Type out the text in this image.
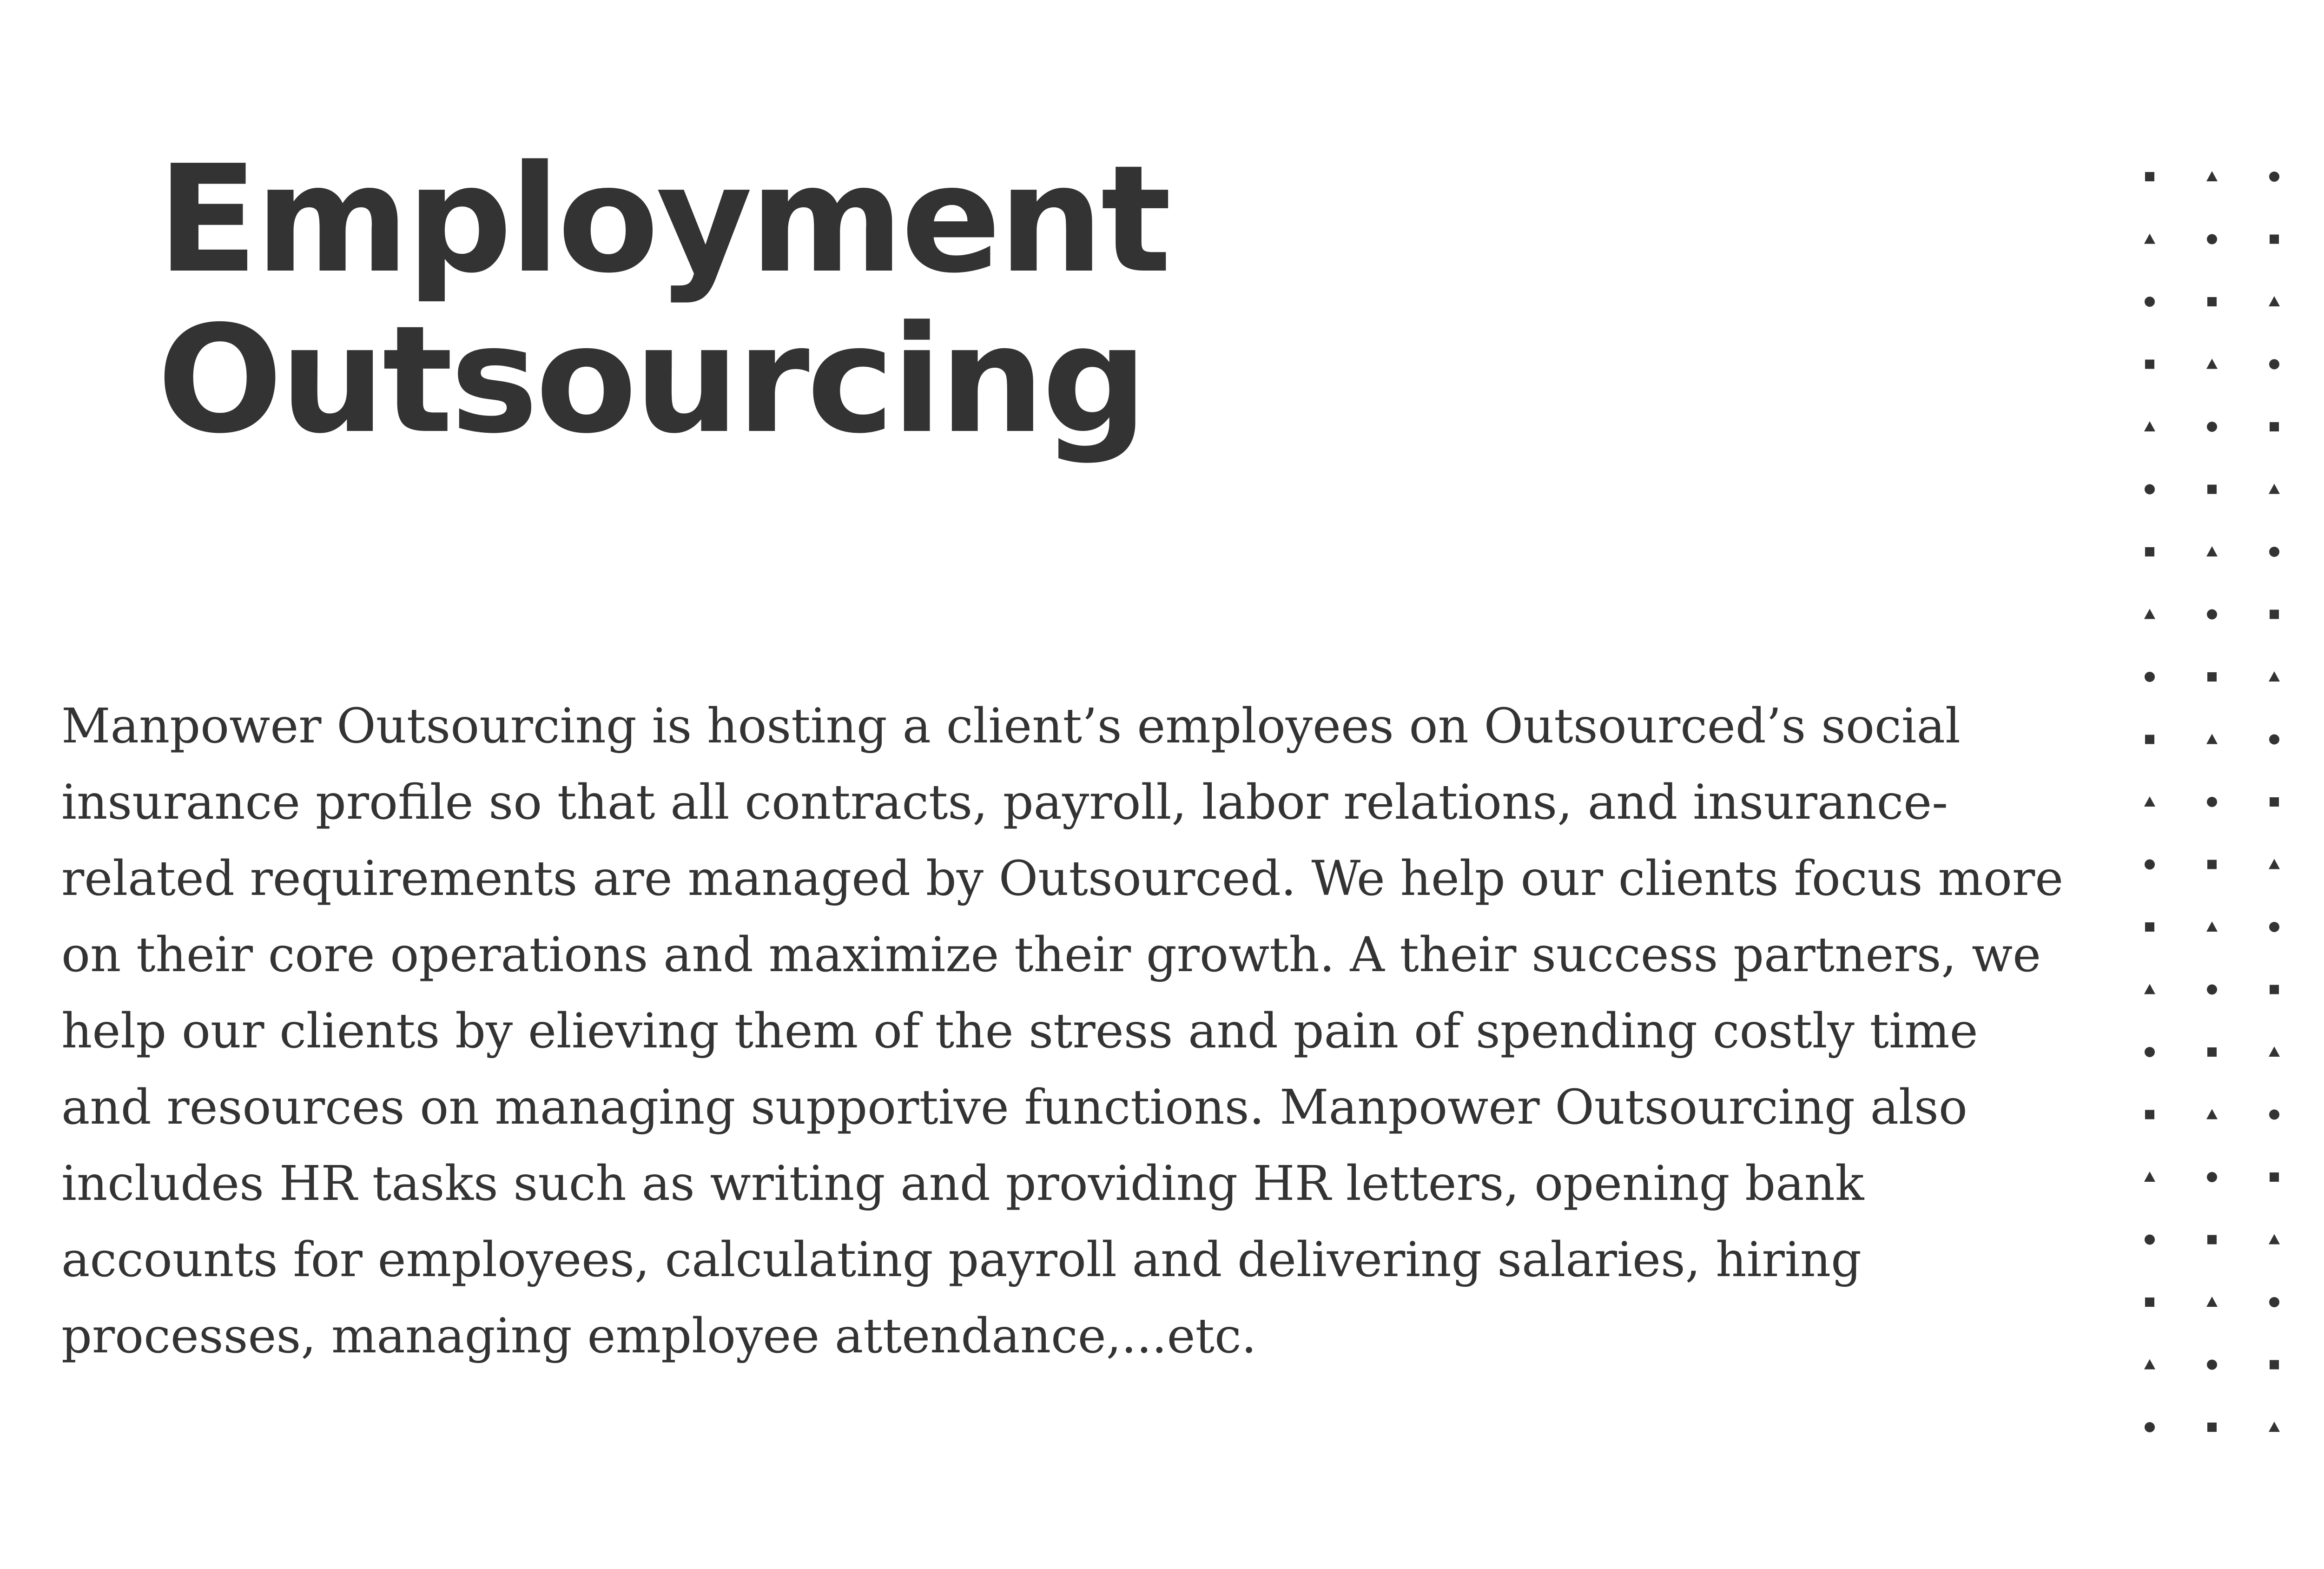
Employment
Outsourcing

Manpower Outsourcing is hosting a client’s employees on Outsourced’s social
insurance profile so that all contracts, payroll, labor relations, and insurance-
related requirements are managed by Outsourced. We help our clients focus more
on their core operations and maximize their growth. A their success partners, we
help our clients by elieving them of the stress and pain of spending costly time
and resources on managing supportive functions. Manpower Outsourcing also
includes HR tasks such as writing and providing HR letters, opening bank
accounts for employees, calculating payroll and delivering salaries, hiring
processes, managing employee attendance,...etc.
